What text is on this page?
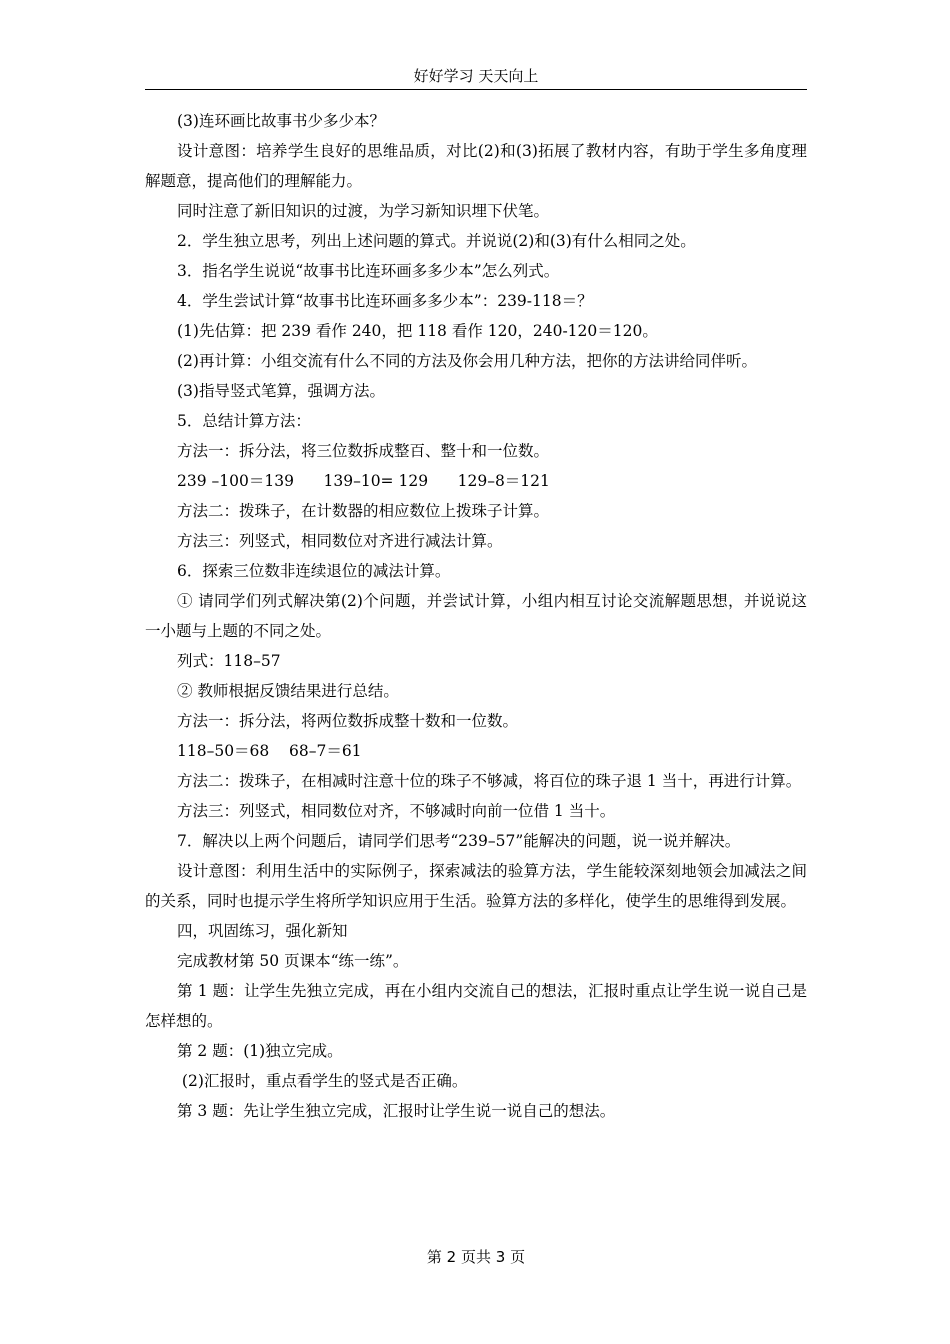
好好学习 天天向上

(3)连环画比故事书少多少本？

设计意图：培养学生良好的思维品质，对比(2)和(3)拓展了教材内容，有助于学生多角度理解题意，提高他们的理解能力。

同时注意了新旧知识的过渡，为学习新知识埋下伏笔。

2．学生独立思考，列出上述问题的算式。并说说(2)和(3)有什么相同之处。

3．指名学生说说“故事书比连环画多多少本”怎么列式。

4．学生尝试计算“故事书比连环画多多少本”：239-118＝？

(1)先估算：把 239 看作 240，把 118 看作 120，240-120＝120。

(2)再计算：小组交流有什么不同的方法及你会用几种方法，把你的方法讲给同伴听。

(3)指导竖式笔算，强调方法。

5．总结计算方法：

方法一：拆分法，将三位数拆成整百、整十和一位数。

239 –100＝139      139–10= 129      129–8＝121

方法二：拨珠子，在计数器的相应数位上拨珠子计算。

方法三：列竖式，相同数位对齐进行减法计算。

6．探索三位数非连续退位的减法计算。

① 请同学们列式解决第(2)个问题，并尝试计算，小组内相互讨论交流解题思想，并说说这一小题与上题的不同之处。

列式：118–57

② 教师根据反馈结果进行总结。

方法一：拆分法，将两位数拆成整十数和一位数。

118–50＝68    68–7＝61

方法二：拨珠子，在相减时注意十位的珠子不够减，将百位的珠子退 1 当十，再进行计算。

方法三：列竖式，相同数位对齐，不够减时向前一位借 1 当十。

7．解决以上两个问题后，请同学们思考“239–57”能解决的问题，说一说并解决。

设计意图：利用生活中的实际例子，探索减法的验算方法，学生能较深刻地领会加减法之间的关系，同时也提示学生将所学知识应用于生活。验算方法的多样化，使学生的思维得到发展。

四，巩固练习，强化新知

完成教材第 50 页课本“练一练”。

第 1 题：让学生先独立完成，再在小组内交流自己的想法，汇报时重点让学生说一说自己是怎样想的。

第 2 题：(1)独立完成。

(2)汇报时，重点看学生的竖式是否正确。

第 3 题：先让学生独立完成，汇报时让学生说一说自己的想法。

第 2 页共 3 页
